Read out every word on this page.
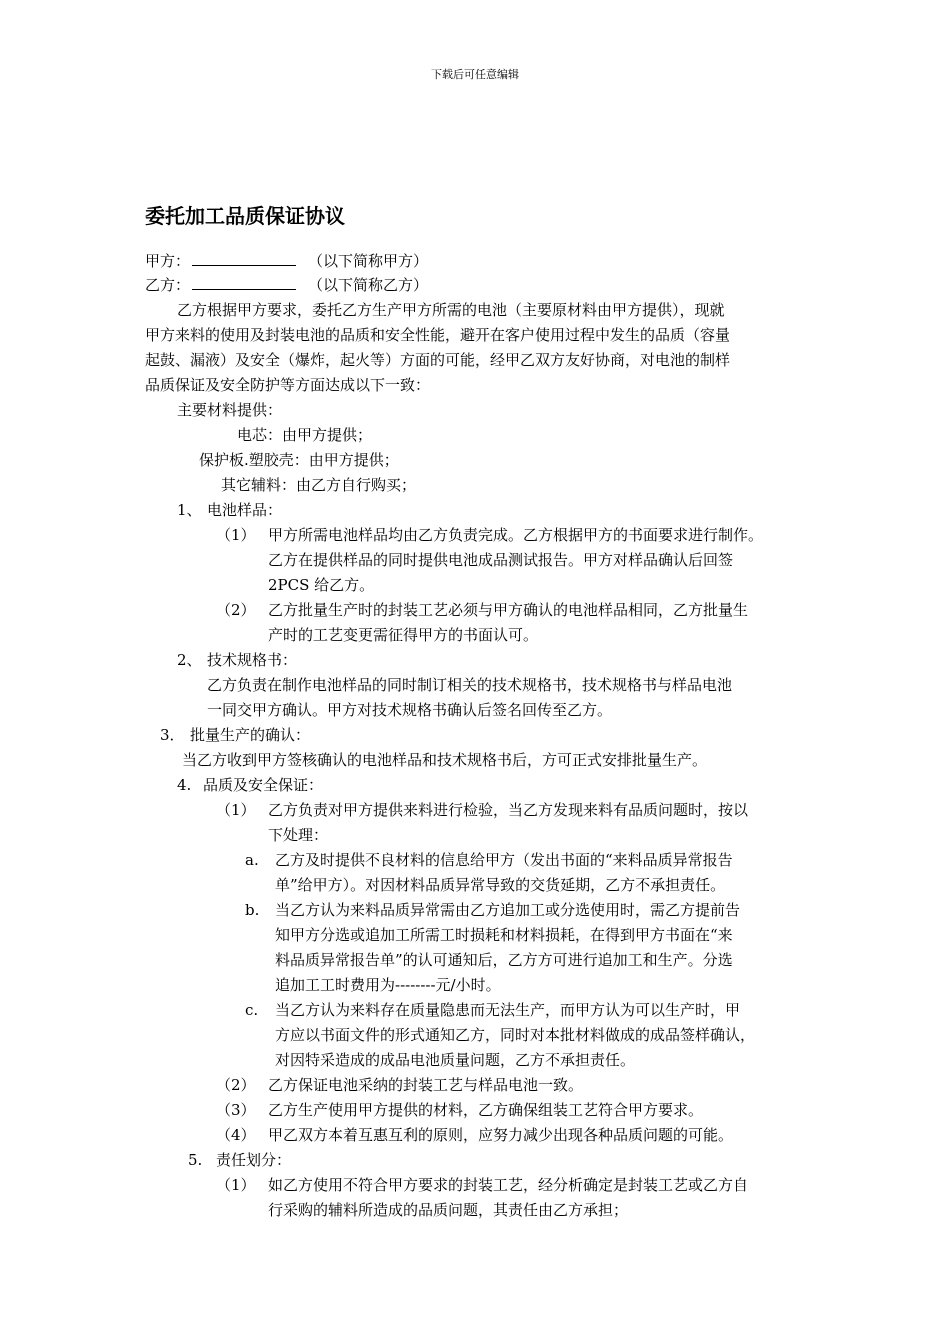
下载后可任意编辑
委托加工品质保证协议
甲方：	（以下简称甲方）
乙方：	（以下简称乙方）
乙方根据甲方要求，委托乙方生产甲方所需的电池（主要原材料由甲方提供），现就
甲方来料的使用及封装电池的品质和安全性能，避开在客户使用过程中发生的品质（容量
起鼓、漏液）及安全（爆炸，起火等）方面的可能，经甲乙双方友好协商，对电池的制样
品质保证及安全防护等方面达成以下一致：
主要材料提供：
电芯：由甲方提供；
保护板.塑胶壳：由甲方提供；
其它辅料：由乙方自行购买；
1、 电池样品：
（1） 甲方所需电池样品均由乙方负责完成。乙方根据甲方的书面要求进行制作。
乙方在提供样品的同时提供电池成品测试报告。甲方对样品确认后回签
2PCS 给乙方。
（2） 乙方批量生产时的封装工艺必须与甲方确认的电池样品相同，乙方批量生
产时的工艺变更需征得甲方的书面认可。
2、 技术规格书：
乙方负责在制作电池样品的同时制订相关的技术规格书，技术规格书与样品电池
一同交甲方确认。甲方对技术规格书确认后签名回传至乙方。
3． 批量生产的确认：
当乙方收到甲方签核确认的电池样品和技术规格书后，方可正式安排批量生产。
4. 品质及安全保证：
（1） 乙方负责对甲方提供来料进行检验，当乙方发现来料有品质问题时，按以
下处理：
a. 乙方及时提供不良材料的信息给甲方（发出书面的“来料品质异常报告
单”给甲方）。对因材料品质异常导致的交货延期，乙方不承担责任。
b. 当乙方认为来料品质异常需由乙方追加工或分选使用时，需乙方提前告
知甲方分选或追加工所需工时损耗和材料损耗，在得到甲方书面在“来
料品质异常报告单”的认可通知后，乙方方可进行追加工和生产。分选
追加工工时费用为--------元/小时。
c. 当乙方认为来料存在质量隐患而无法生产，而甲方认为可以生产时，甲
方应以书面文件的形式通知乙方，同时对本批材料做成的成品签样确认，
对因特采造成的成品电池质量问题，乙方不承担责任。
（2） 乙方保证电池采纳的封装工艺与样品电池一致。
（3） 乙方生产使用甲方提供的材料，乙方确保组装工艺符合甲方要求。
（4） 甲乙双方本着互惠互利的原则，应努力减少出现各种品质问题的可能。
5. 责任划分：
（1） 如乙方使用不符合甲方要求的封装工艺，经分析确定是封装工艺或乙方自
行采购的辅料所造成的品质问题，其责任由乙方承担；
